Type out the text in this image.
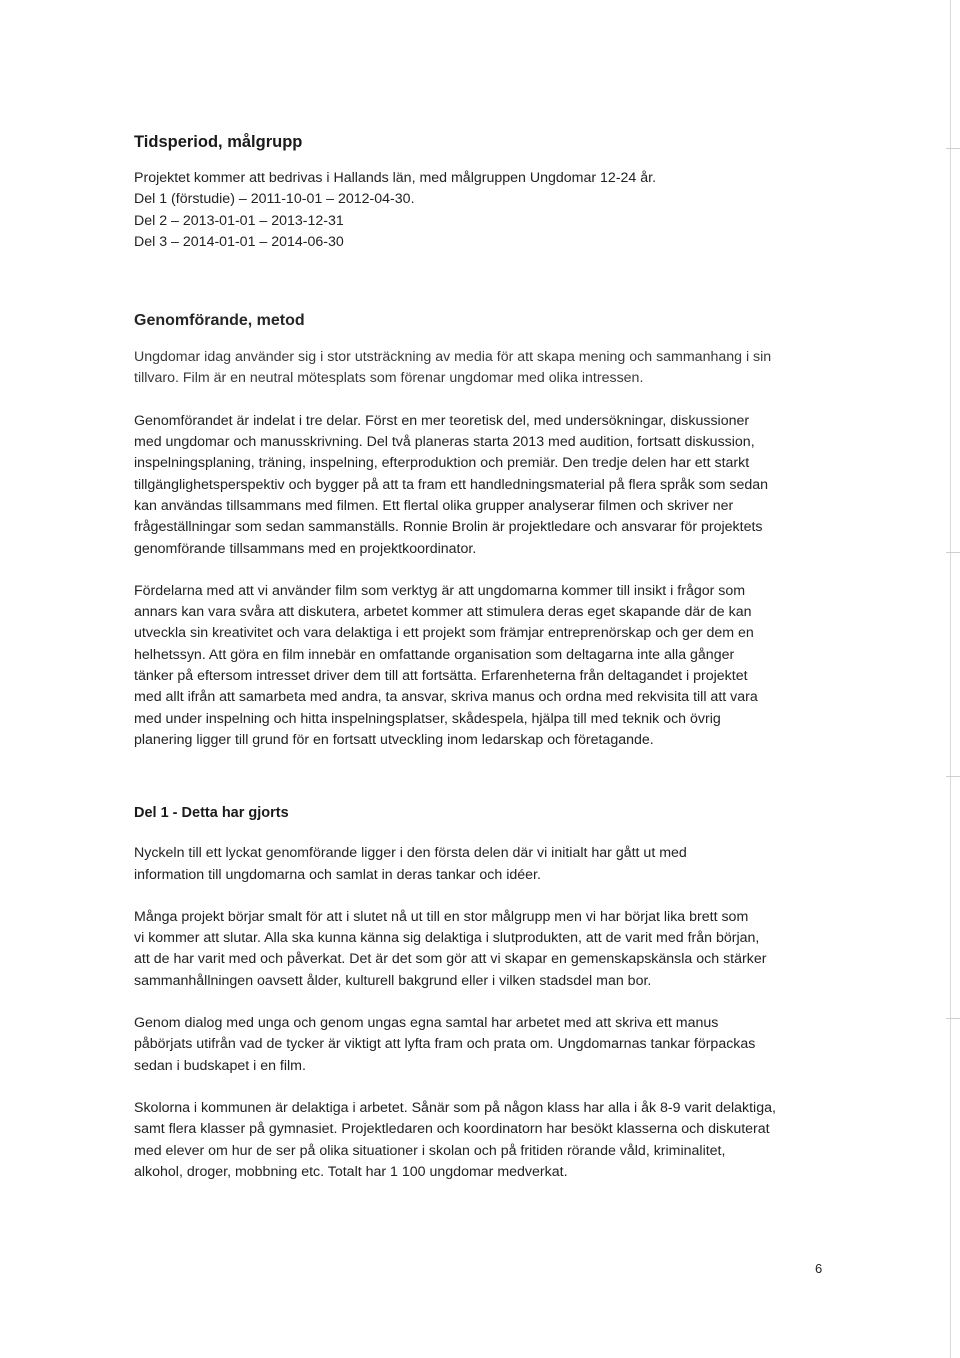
Tidsperiod, målgrupp

Projektet kommer att bedrivas i Hallands län, med målgruppen Ungdomar 12-24 år.
Del 1 (förstudie) – 2011-10-01 – 2012-04-30.
Del 2 – 2013-01-01 – 2013-12-31
Del 3 – 2014-01-01 – 2014-06-30

Genomförande, metod

Ungdomar idag använder sig i stor utsträckning av media för att skapa mening och sammanhang i sin
tillvaro. Film är en neutral mötesplats som förenar ungdomar med olika intressen.

Genomförandet är indelat i tre delar. Först en mer teoretisk del, med undersökningar, diskussioner
med ungdomar och manusskrivning. Del två planeras starta 2013 med audition, fortsatt diskussion,
inspelningsplaning, träning, inspelning, efterproduktion och premiär. Den tredje delen har ett starkt
tillgänglighetsperspektiv och bygger på att ta fram ett handledningsmaterial på flera språk som sedan
kan användas tillsammans med filmen. Ett flertal olika grupper analyserar filmen och skriver ner
frågeställningar som sedan sammanställs. Ronnie Brolin är projektledare och ansvarar för projektets
genomförande tillsammans med en projektkoordinator.

Fördelarna med att vi använder film som verktyg är att ungdomarna kommer till insikt i frågor som
annars kan vara svåra att diskutera, arbetet kommer att stimulera deras eget skapande där de kan
utveckla sin kreativitet och vara delaktiga i ett projekt som främjar entreprenörskap och ger dem en
helhetssyn. Att göra en film innebär en omfattande organisation som deltagarna inte alla gånger
tänker på eftersom intresset driver dem till att fortsätta. Erfarenheterna från deltagandet i projektet
med allt ifrån att samarbeta med andra, ta ansvar, skriva manus och ordna med rekvisita till att vara
med under inspelning och hitta inspelningsplatser, skådespela, hjälpa till med teknik och övrig
planering ligger till grund för en fortsatt utveckling inom ledarskap och företagande.

Del 1 - Detta har gjorts

Nyckeln till ett lyckat genomförande ligger i den första delen där vi initialt har gått ut med
information till ungdomarna och samlat in deras tankar och idéer.

Många projekt börjar smalt för att i slutet nå ut till en stor målgrupp men vi har börjat lika brett som
vi kommer att slutar. Alla ska kunna känna sig delaktiga i slutprodukten, att de varit med från början,
att de har varit med och påverkat. Det är det som gör att vi skapar en gemenskapskänsla och stärker
sammanhållningen oavsett ålder, kulturell bakgrund eller i vilken stadsdel man bor.

Genom dialog med unga och genom ungas egna samtal har arbetet med att skriva ett manus
påbörjats utifrån vad de tycker är viktigt att lyfta fram och prata om. Ungdomarnas tankar förpackas
sedan i budskapet i en film.

Skolorna i kommunen är delaktiga i arbetet. Sånär som på någon klass har alla i åk 8-9 varit delaktiga,
samt flera klasser på gymnasiet. Projektledaren och koordinatorn har besökt klasserna och diskuterat
med elever om hur de ser på olika situationer i skolan och på fritiden rörande våld, kriminalitet,
alkohol, droger, mobbning etc. Totalt har 1 100 ungdomar medverkat.

6
